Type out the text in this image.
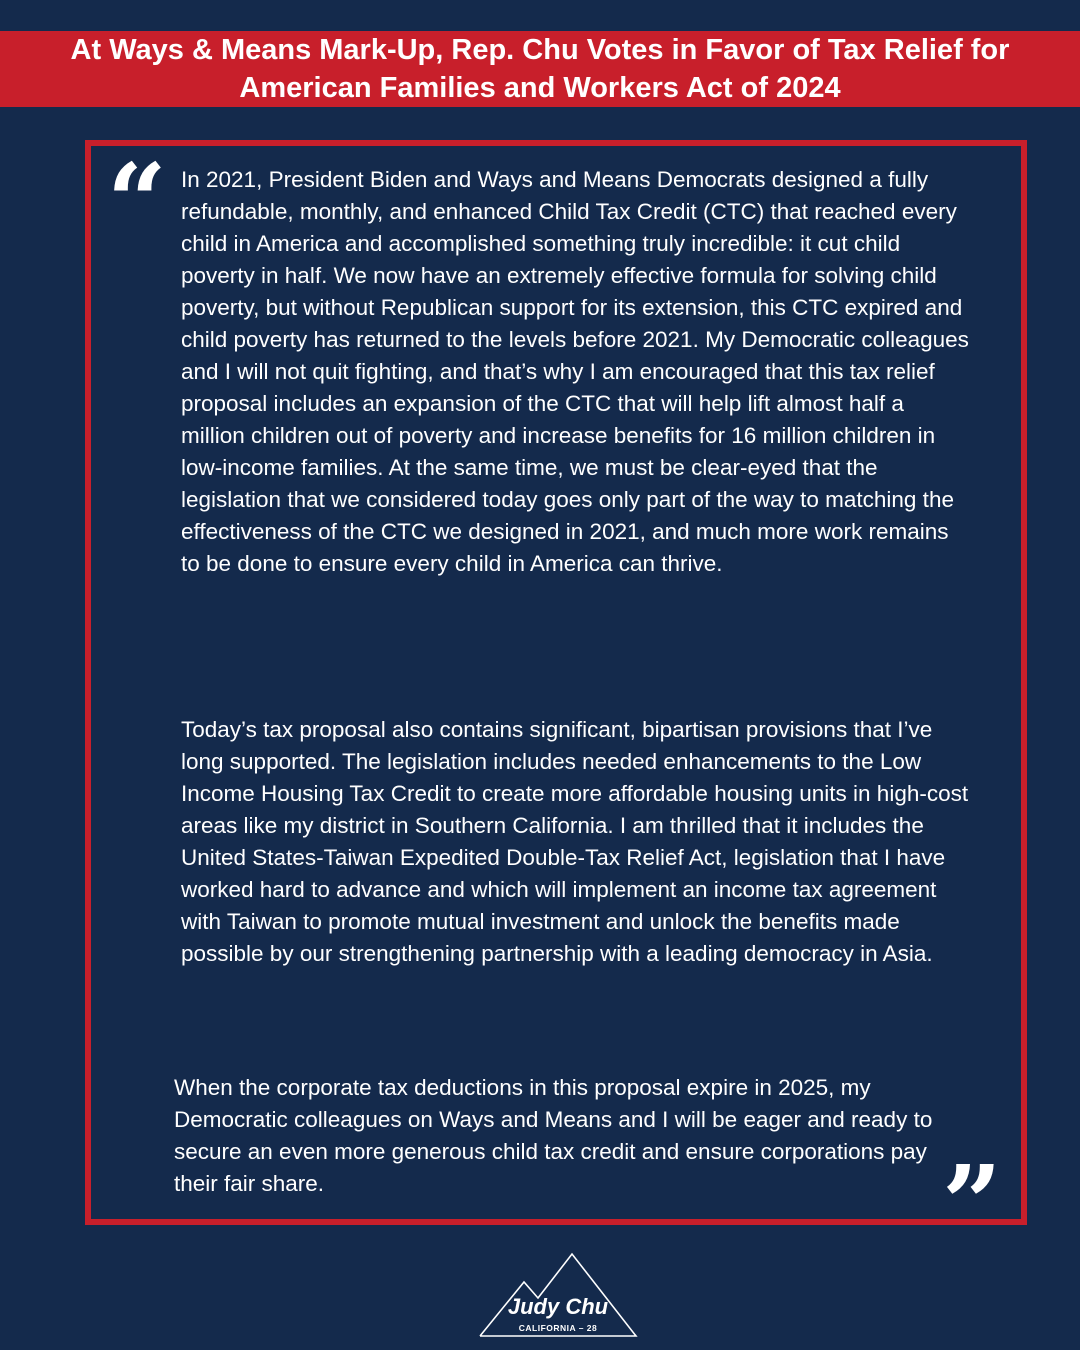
At Ways & Means Mark-Up, Rep. Chu Votes in Favor of Tax Relief for
American Families and Workers Act of 2024
“ In 2021, President Biden and Ways and Means Democrats designed a fully refundable, monthly, and enhanced Child Tax Credit (CTC) that reached every child in America and accomplished something truly incredible: it cut child poverty in half. We now have an extremely effective formula for solving child poverty, but without Republican support for its extension, this CTC expired and child poverty has returned to the levels before 2021. My Democratic colleagues and I will not quit fighting, and that’s why I am encouraged that this tax relief proposal includes an expansion of the CTC that will help lift almost half a million children out of poverty and increase benefits for 16 million children in low-income families. At the same time, we must be clear-eyed that the legislation that we considered today goes only part of the way to matching the effectiveness of the CTC we designed in 2021, and much more work remains to be done to ensure every child in America can thrive.

Today’s tax proposal also contains significant, bipartisan provisions that I’ve long supported. The legislation includes needed enhancements to the Low Income Housing Tax Credit to create more affordable housing units in high-cost areas like my district in Southern California. I am thrilled that it includes the United States-Taiwan Expedited Double-Tax Relief Act, legislation that I have worked hard to advance and which will implement an income tax agreement with Taiwan to promote mutual investment and unlock the benefits made possible by our strengthening partnership with a leading democracy in Asia.

When the corporate tax deductions in this proposal expire in 2025, my Democratic colleagues on Ways and Means and I will be eager and ready to secure an even more generous child tax credit and ensure corporations pay their fair share.	”
Judy Chu
CALIFORNIA – 28
